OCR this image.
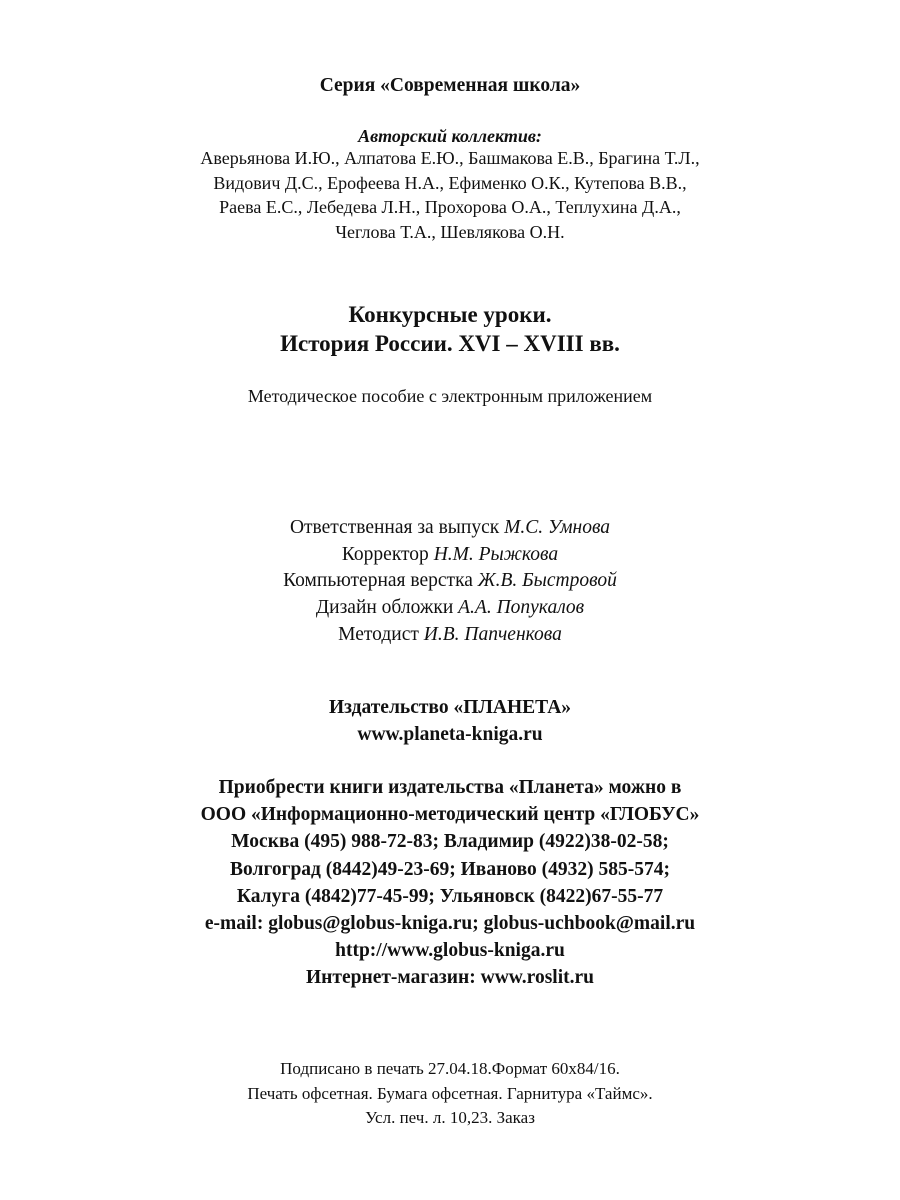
Серия «Современная школа»
Авторский коллектив:
Аверьянова И.Ю., Алпатова Е.Ю., Башмакова Е.В., Брагина Т.Л.,
Видович Д.С., Ерофеева Н.А., Ефименко О.К., Кутепова В.В.,
Раева Е.С., Лебедева Л.Н., Прохорова О.А., Теплухина Д.А.,
Чеглова Т.А., Шевлякова О.Н.
Конкурсные уроки.
История России. XVI – XVIII вв.
Методическое пособие с электронным приложением
Ответственная за выпуск М.С. Умнова
Корректор Н.М. Рыжкова
Компьютерная верстка Ж.В. Быстровой
Дизайн обложки А.А. Попукалов
Методист И.В. Папченкова
Издательство «ПЛАНЕТА»
www.planeta-kniga.ru
Приобрести книги издательства «Планета» можно в
ООО «Информационно-методический центр «ГЛОБУС»
Москва (495) 988-72-83; Владимир (4922)38-02-58;
Волгоград (8442)49-23-69; Иваново (4932) 585-574;
Калуга (4842)77-45-99; Ульяновск (8422)67-55-77
e-mail: globus@globus-kniga.ru; globus-uchbook@mail.ru
http://www.globus-kniga.ru
Интернет-магазин: www.roslit.ru
Подписано в печать 27.04.18.Формат 60х84/16.
Печать офсетная. Бумага офсетная. Гарнитура «Таймс».
Усл. печ. л. 10,23. Заказ
